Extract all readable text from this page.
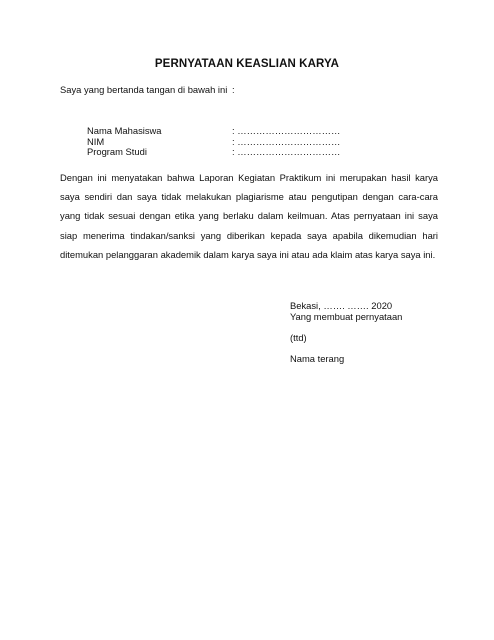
PERNYATAAN KEASLIAN KARYA
Saya yang bertanda tangan di bawah ini :
Nama Mahasiswa	: ……………………………
NIM	: ……………………………
Program Studi	: ……………………………
Dengan ini menyatakan bahwa Laporan Kegiatan Praktikum ini merupakan hasil karya saya sendiri dan saya tidak melakukan plagiarisme atau pengutipan dengan cara-cara yang tidak sesuai dengan etika yang berlaku dalam keilmuan. Atas pernyataan ini saya siap menerima tindakan/sanksi yang diberikan kepada saya apabila dikemudian hari ditemukan pelanggaran akademik dalam karya saya ini atau ada klaim atas karya saya ini.
Bekasi, ……. ……. 2020
Yang membuat pernyataan
(ttd)
Nama terang
